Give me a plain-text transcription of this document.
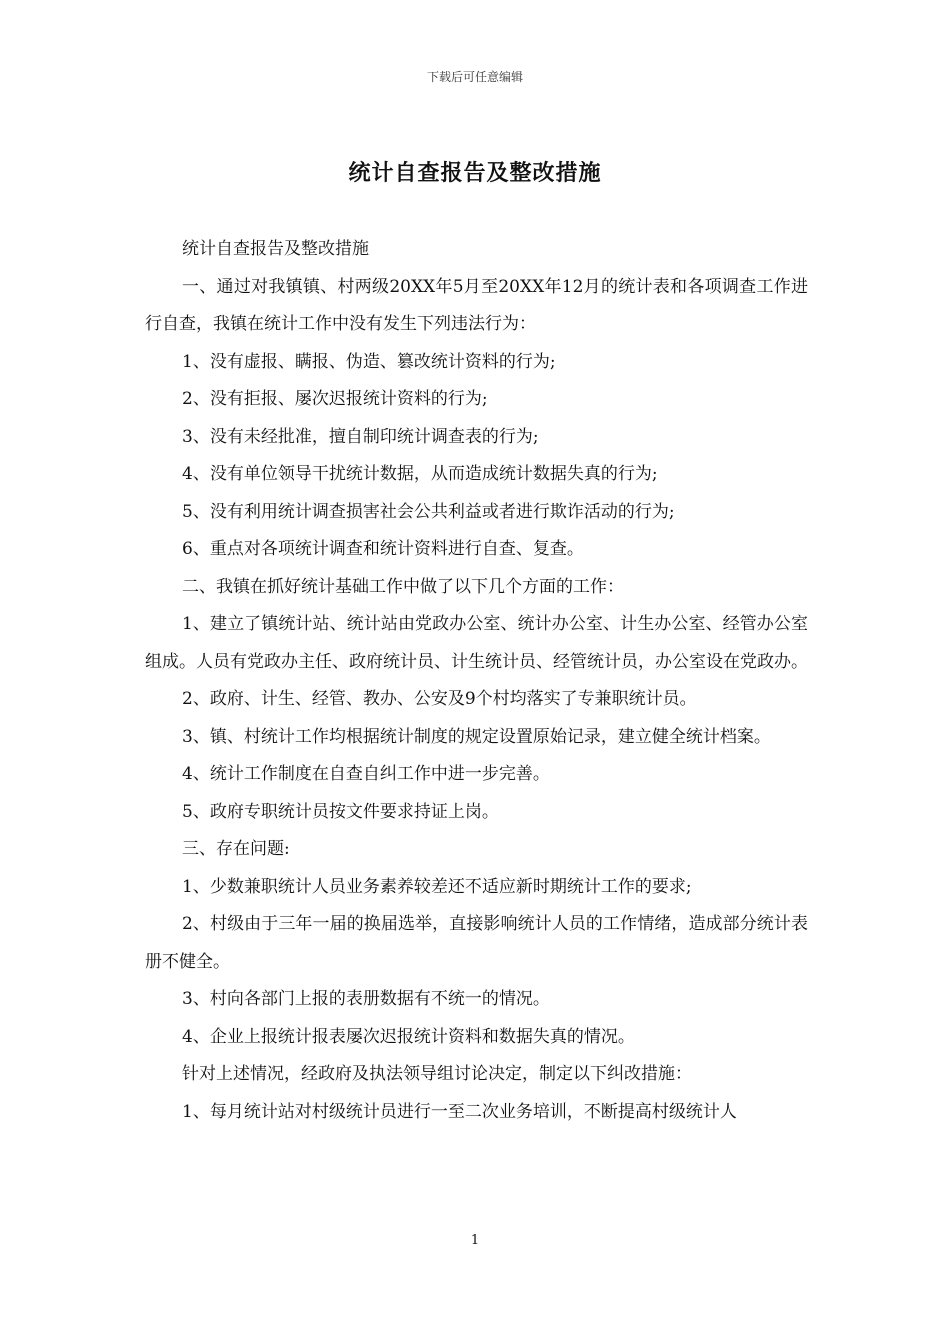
下载后可任意编辑
统计自查报告及整改措施

统计自查报告及整改措施

一、通过对我镇镇、村两级20XX年5月至20XX年12月的统计表和各项调查工作进行自查，我镇在统计工作中没有发生下列违法行为：

1、没有虚报、瞒报、伪造、篡改统计资料的行为;

2、没有拒报、屡次迟报统计资料的行为;

3、没有未经批准，擅自制印统计调查表的行为;

4、没有单位领导干扰统计数据，从而造成统计数据失真的行为;

5、没有利用统计调查损害社会公共利益或者进行欺诈活动的行为;

6、重点对各项统计调查和统计资料进行自查、复查。

二、我镇在抓好统计基础工作中做了以下几个方面的工作：

1、建立了镇统计站、统计站由党政办公室、统计办公室、计生办公室、经管办公室组成。人员有党政办主任、政府统计员、计生统计员、经管统计员，办公室设在党政办。

2、政府、计生、经管、教办、公安及9个村均落实了专兼职统计员。

3、镇、村统计工作均根据统计制度的规定设置原始记录，建立健全统计档案。

4、统计工作制度在自查自纠工作中进一步完善。

5、政府专职统计员按文件要求持证上岗。

三、存在问题:

1、少数兼职统计人员业务素养较差还不适应新时期统计工作的要求;

2、村级由于三年一届的换届选举，直接影响统计人员的工作情绪，造成部分统计表册不健全。

3、村向各部门上报的表册数据有不统一的情况。

4、企业上报统计报表屡次迟报统计资料和数据失真的情况。

针对上述情况，经政府及执法领导组讨论决定，制定以下纠改措施：

1、每月统计站对村级统计员进行一至二次业务培训，不断提高村级统计人

1
